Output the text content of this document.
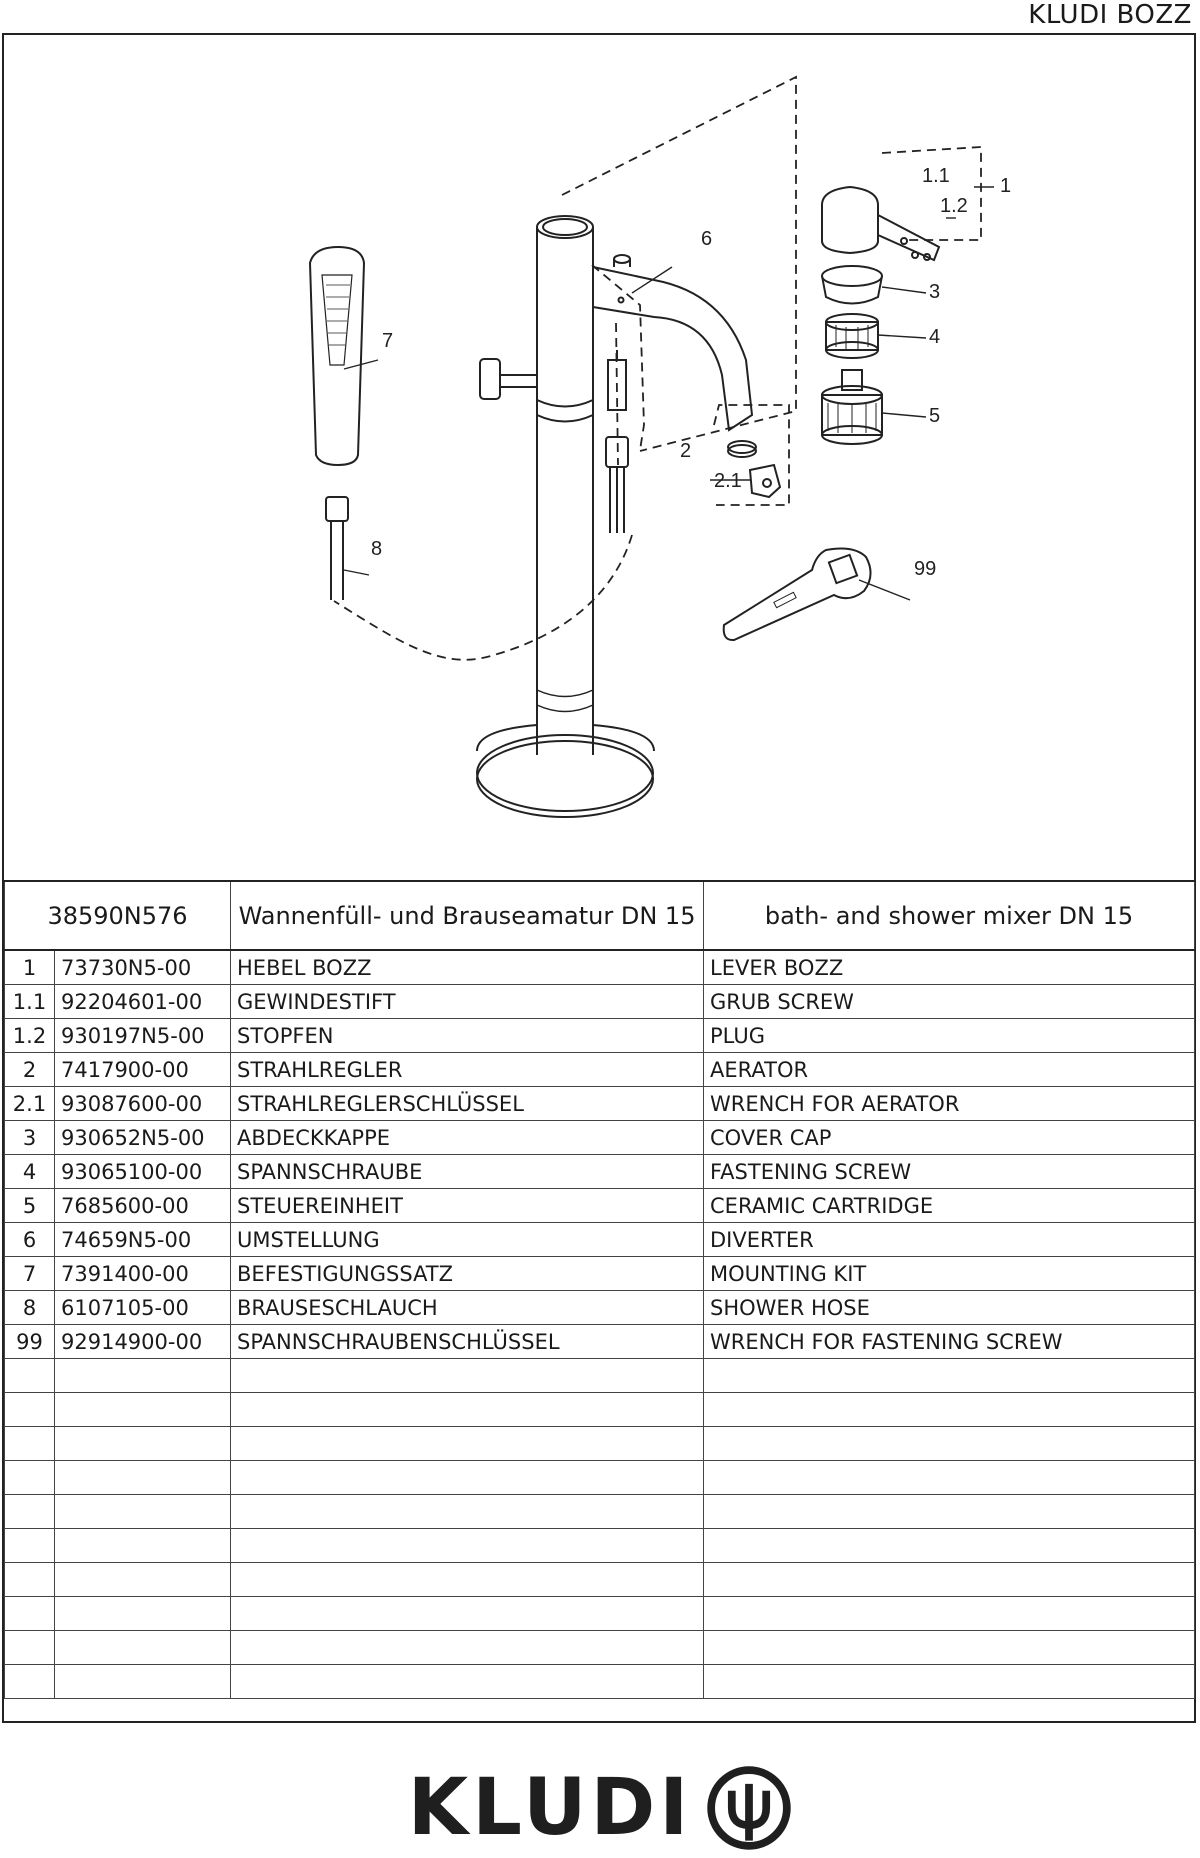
KLUDI BOZZ
1
1.1
1.2
3
4
5
6
7
8
2
2.1
99
38590N576		Wannenfüll- und Brauseamatur DN 15	bath- and shower mixer DN 15
1	73730N5-00	HEBEL BOZZ	LEVER BOZZ
1.1	92204601-00	GEWINDESTIFT	GRUB SCREW
1.2	930197N5-00	STOPFEN	PLUG
2	7417900-00	STRAHLREGLER	AERATOR
2.1	93087600-00	STRAHLREGLERSCHLÜSSEL	WRENCH FOR AERATOR
3	930652N5-00	ABDECKKAPPE	COVER CAP
4	93065100-00	SPANNSCHRAUBE	FASTENING SCREW
5	7685600-00	STEUEREINHEIT	CERAMIC CARTRIDGE
6	74659N5-00	UMSTELLUNG	DIVERTER
7	7391400-00	BEFESTIGUNGSSATZ	MOUNTING KIT
8	6107105-00	BRAUSESCHLAUCH	SHOWER HOSE
99	92914900-00	SPANNSCHRAUBENSCHLÜSSEL	WRENCH FOR FASTENING SCREW

KLUDI
